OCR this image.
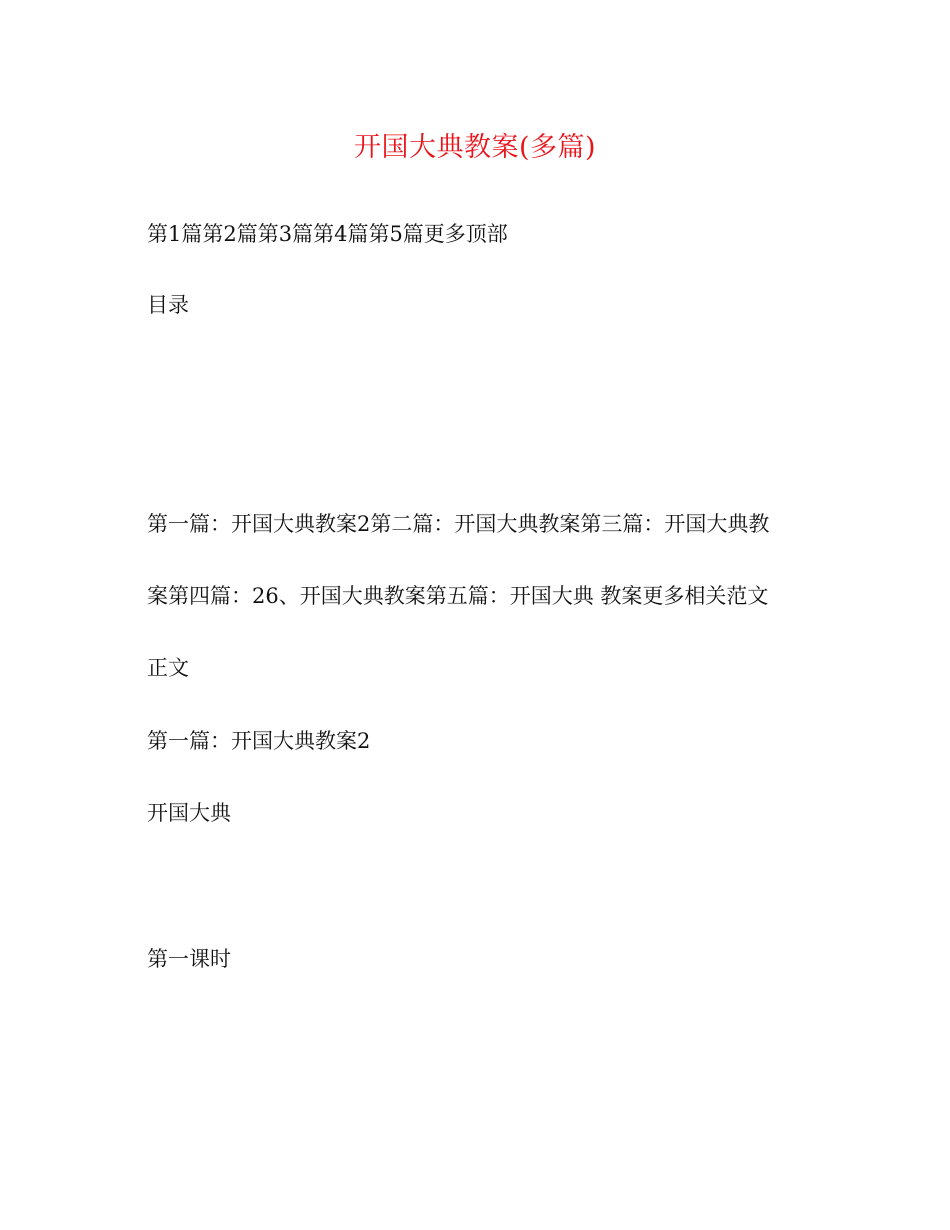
开国大典教案(多篇)
第1篇第2篇第3篇第4篇第5篇更多顶部
目录
第一篇：开国大典教案2第二篇：开国大典教案第三篇：开国大典教
案第四篇：26、开国大典教案第五篇：开国大典 教案更多相关范文
正文
第一篇：开国大典教案2
开国大典
第一课时
